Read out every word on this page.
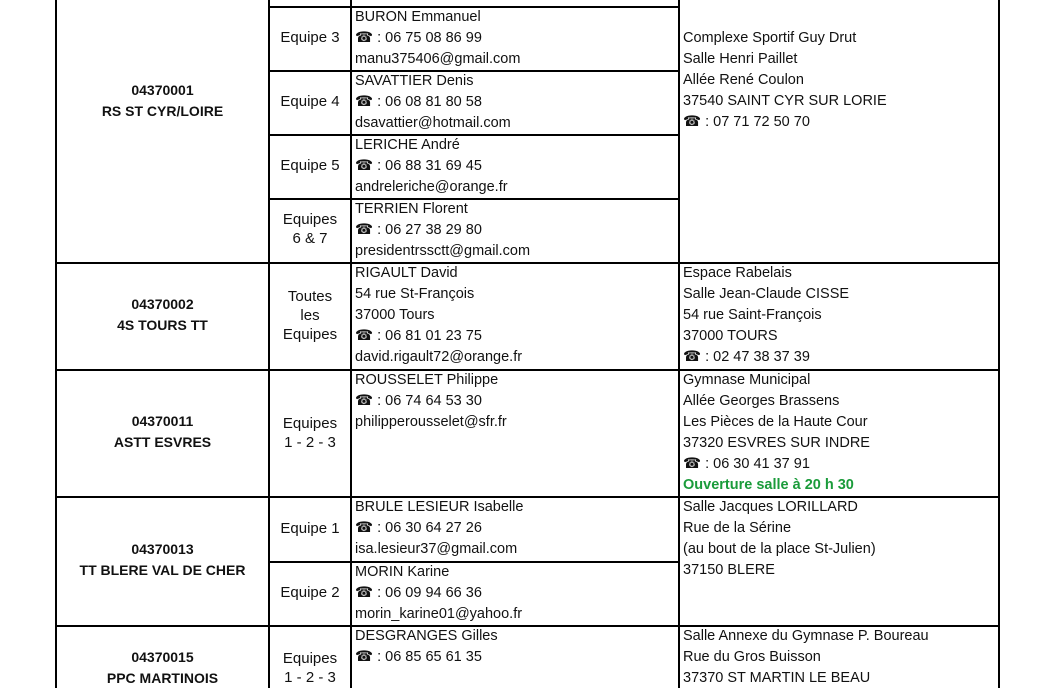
04370001
RS ST CYR/LOIRE
Equipe 3
BURON Emmanuel
☎ : 06 75 08 86 99
manu375406@gmail.com
Equipe 4
SAVATTIER Denis
☎ : 06 08 81 80 58
dsavattier@hotmail.com
Equipe 5
LERICHE André
☎ : 06 88 31 69 45
andreleriche@orange.fr
Equipes
6 & 7
TERRIEN Florent
☎ : 06 27 38 29 80
presidentrssctt@gmail.com
Complexe Sportif Guy Drut
Salle Henri Paillet
Allée René Coulon
37540 SAINT CYR SUR LORIE
☎ : 07 71 72 50 70
04370002
4S TOURS TT
Toutes
les
Equipes
RIGAULT David
54 rue St-François
37000 Tours
☎ : 06 81 01 23 75
david.rigault72@orange.fr
Espace Rabelais
Salle Jean-Claude CISSE
54 rue Saint-François
37000 TOURS
☎ : 02 47 38 37 39
04370011
ASTT ESVRES
Equipes
1 - 2 - 3
ROUSSELET Philippe
☎ : 06 74 64 53 30
philipperousselet@sfr.fr
Gymnase Municipal
Allée Georges Brassens
Les Pièces de la Haute Cour
37320 ESVRES SUR INDRE
☎ : 06 30 41 37 91
Ouverture salle à 20 h 30
04370013
TT BLERE VAL DE CHER
Equipe 1
BRULE LESIEUR Isabelle
☎ : 06 30 64 27 26
isa.lesieur37@gmail.com
Equipe 2
MORIN Karine
☎ : 06 09 94 66 36
morin_karine01@yahoo.fr
Salle Jacques LORILLARD
Rue de la Sérine
(au bout de la place St-Julien)
37150 BLERE
04370015
PPC MARTINOIS
Equipes
1 - 2 - 3
DESGRANGES Gilles
☎ : 06 85 65 61 35
Salle Annexe du Gymnase P. Boureau
Rue du Gros Buisson
37370 ST MARTIN LE BEAU
